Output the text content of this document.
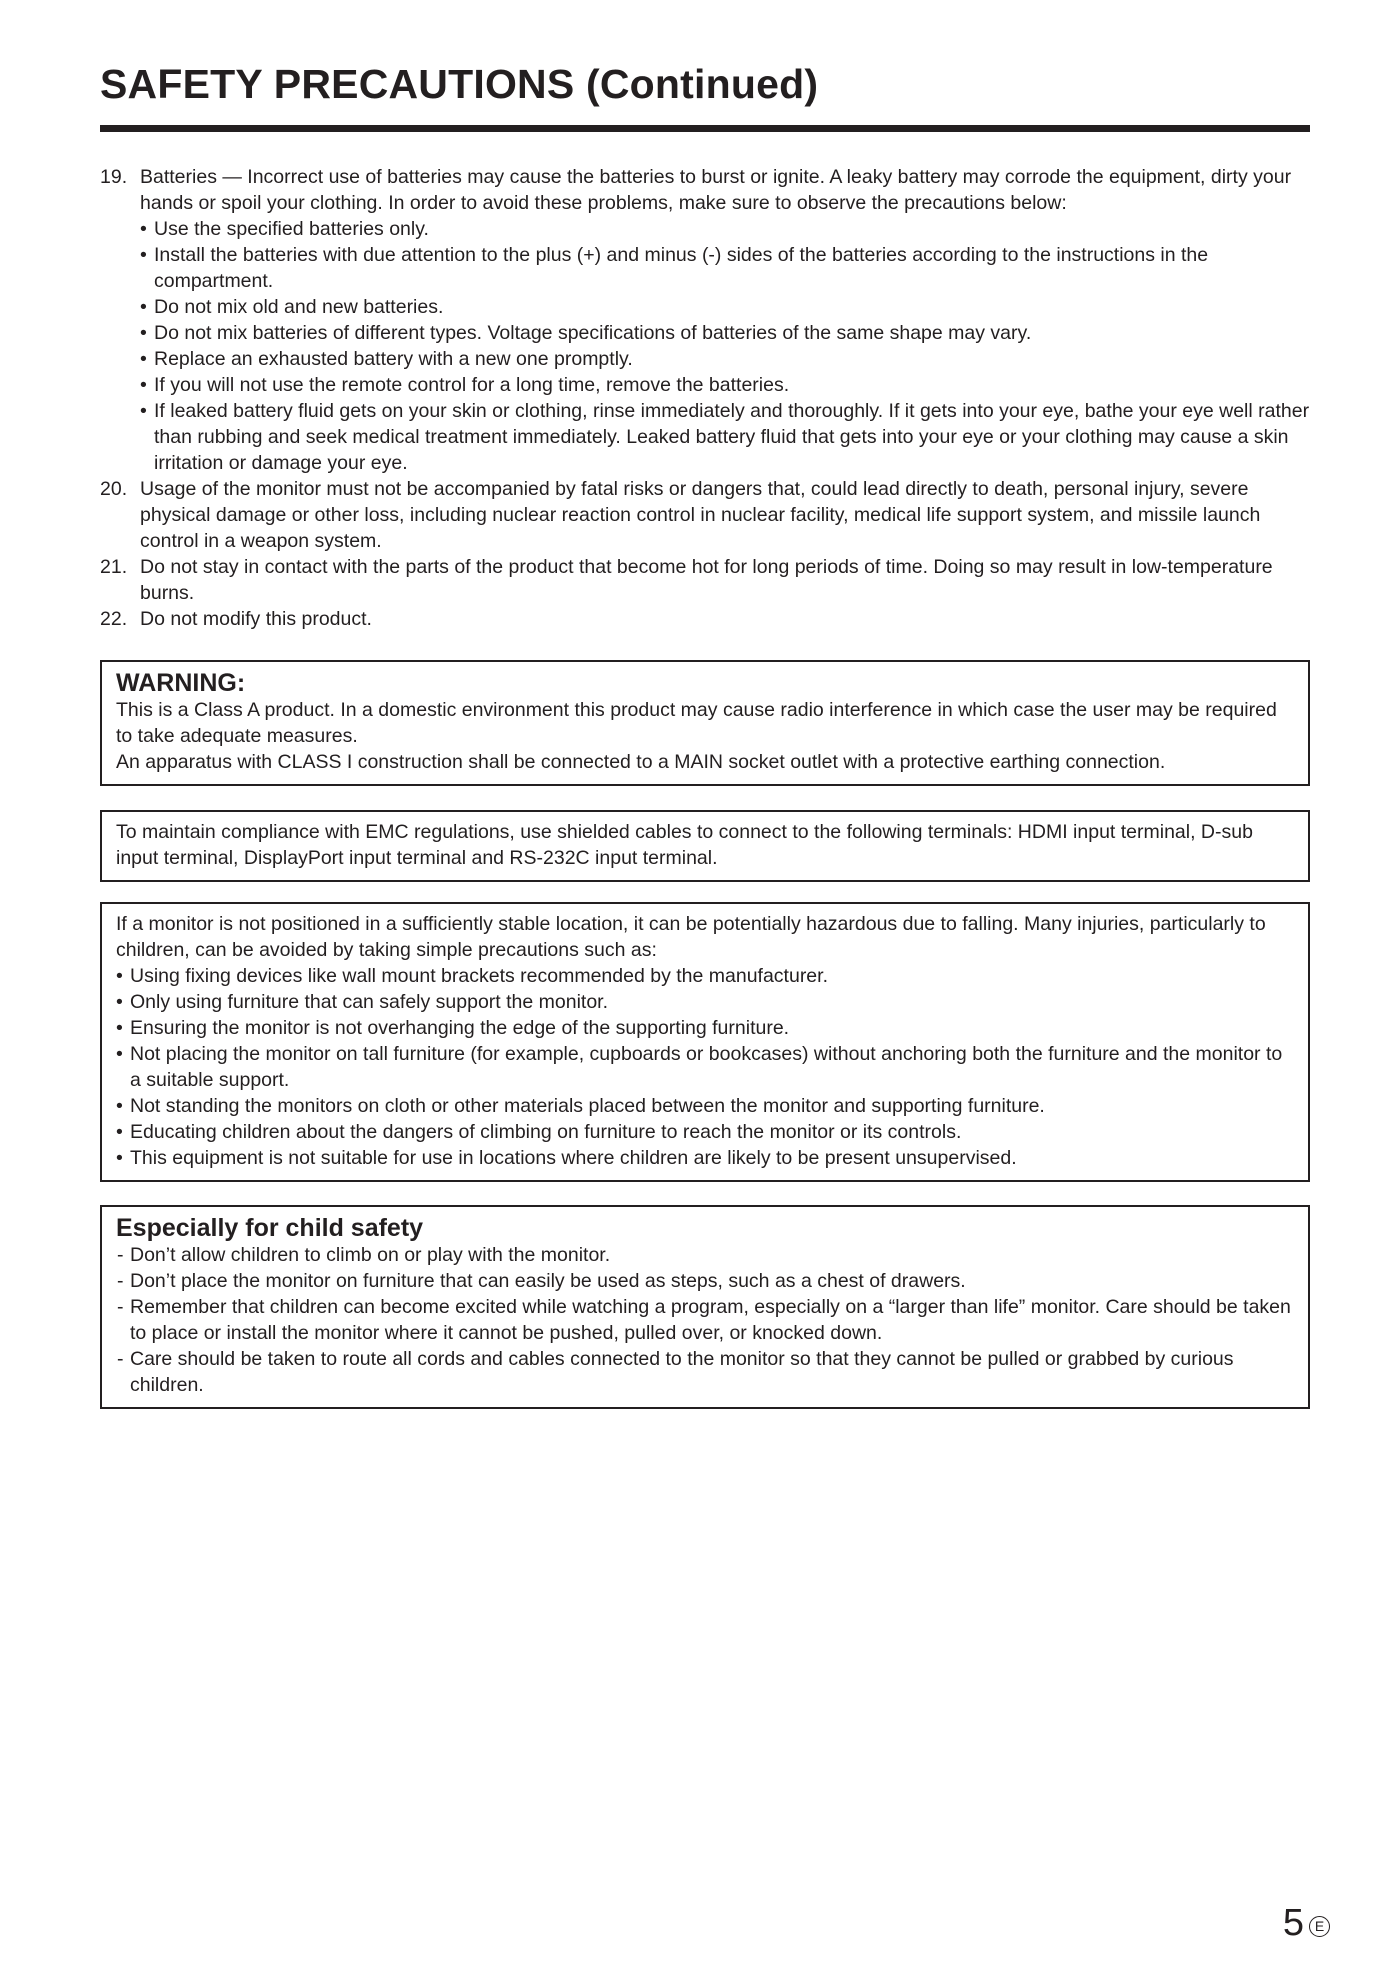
SAFETY PRECAUTIONS (Continued)
19. Batteries — Incorrect use of batteries may cause the batteries to burst or ignite. A leaky battery may corrode the equipment, dirty your hands or spoil your clothing. In order to avoid these problems, make sure to observe the precautions below:
• Use the specified batteries only.
• Install the batteries with due attention to the plus (+) and minus (-) sides of the batteries according to the instructions in the compartment.
• Do not mix old and new batteries.
• Do not mix batteries of different types. Voltage specifications of batteries of the same shape may vary.
• Replace an exhausted battery with a new one promptly.
• If you will not use the remote control for a long time, remove the batteries.
• If leaked battery fluid gets on your skin or clothing, rinse immediately and thoroughly. If it gets into your eye, bathe your eye well rather than rubbing and seek medical treatment immediately. Leaked battery fluid that gets into your eye or your clothing may cause a skin irritation or damage your eye.
20. Usage of the monitor must not be accompanied by fatal risks or dangers that, could lead directly to death, personal injury, severe physical damage or other loss, including nuclear reaction control in nuclear facility, medical life support system, and missile launch control in a weapon system.
21. Do not stay in contact with the parts of the product that become hot for long periods of time. Doing so may result in low-temperature burns.
22. Do not modify this product.
WARNING:

This is a Class A product. In a domestic environment this product may cause radio interference in which case the user may be required to take adequate measures.

An apparatus with CLASS I construction shall be connected to a MAIN socket outlet with a protective earthing connection.

To maintain compliance with EMC regulations, use shielded cables to connect to the following terminals: HDMI input terminal, D-sub input terminal, DisplayPort input terminal and RS-232C input terminal.

If a monitor is not positioned in a sufficiently stable location, it can be potentially hazardous due to falling. Many injuries, particularly to children, can be avoided by taking simple precautions such as:

• Using fixing devices like wall mount brackets recommended by the manufacturer.
• Only using furniture that can safely support the monitor.
• Ensuring the monitor is not overhanging the edge of the supporting furniture.
• Not placing the monitor on tall furniture (for example, cupboards or bookcases) without anchoring both the furniture and the monitor to a suitable support.
• Not standing the monitors on cloth or other materials placed between the monitor and supporting furniture.
• Educating children about the dangers of climbing on furniture to reach the monitor or its controls.
• This equipment is not suitable for use in locations where children are likely to be present unsupervised.
Especially for child safety
- Don’t allow children to climb on or play with the monitor.
- Don’t place the monitor on furniture that can easily be used as steps, such as a chest of drawers.
- Remember that children can become excited while watching a program, especially on a “larger than life” monitor. Care should be taken to place or install the monitor where it cannot be pushed, pulled over, or knocked down.
- Care should be taken to route all cords and cables connected to the monitor so that they cannot be pulled or grabbed by curious children.
5 E
